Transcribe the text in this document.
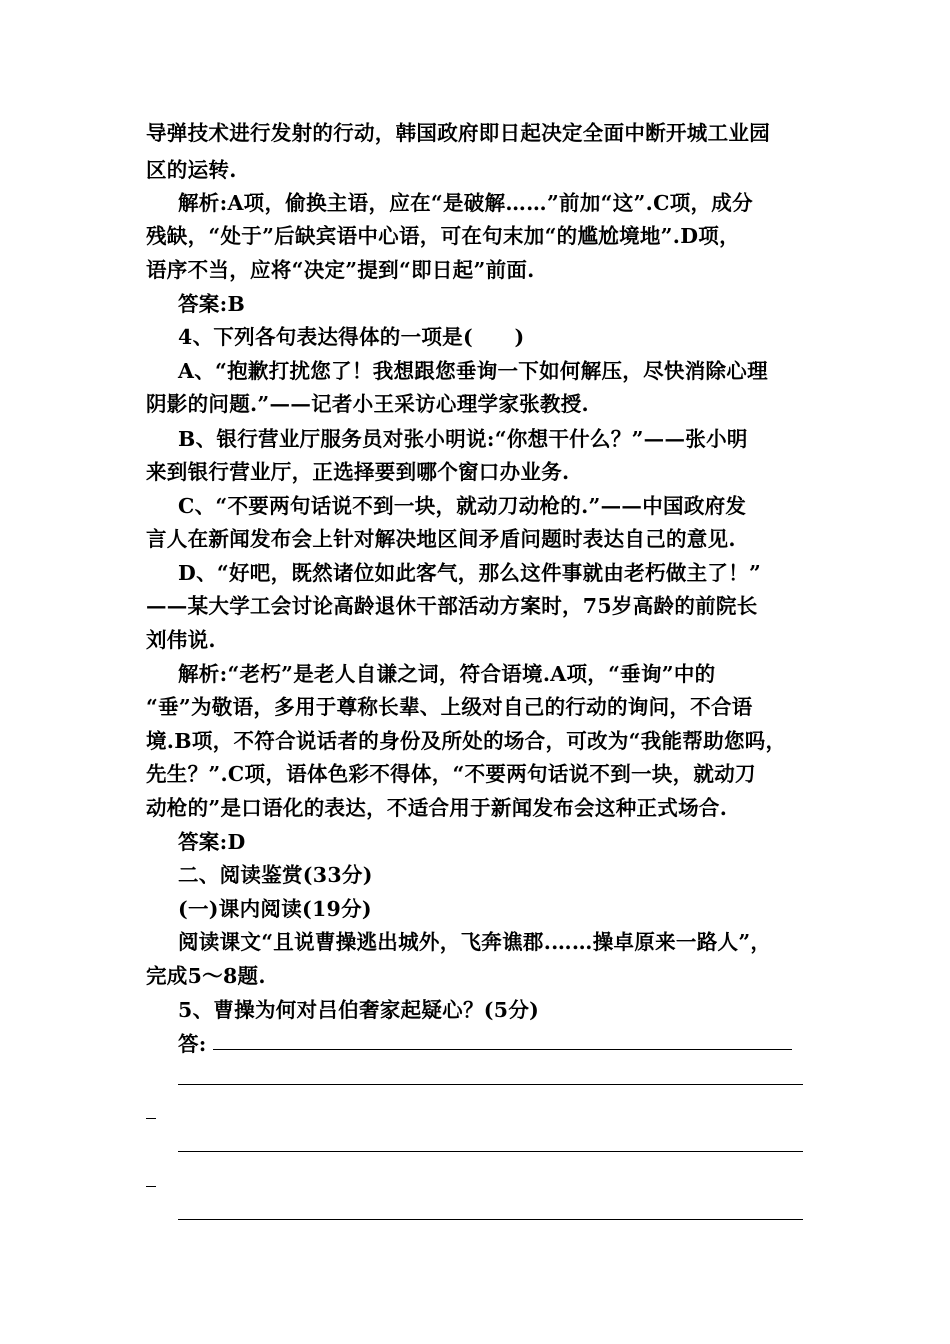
导弹技术进行发射的行动，韩国政府即日起决定全面中断开城工业园
区的运转.
解析:A项，偷换主语，应在“是破解……”前加“这”.C项，成分
残缺，“处于”后缺宾语中心语，可在句末加“的尴尬境地”.D项，
语序不当，应将“决定”提到“即日起”前面.
答案:B
4、下列各句表达得体的一项是(　　)
A、“抱歉打扰您了！我想跟您垂询一下如何解压，尽快消除心理
阴影的问题.”——记者小王采访心理学家张教授.
B、银行营业厅服务员对张小明说:“你想干什么？”——张小明
来到银行营业厅，正选择要到哪个窗口办业务.
C、“不要两句话说不到一块，就动刀动枪的.”——中国政府发
言人在新闻发布会上针对解决地区间矛盾问题时表达自己的意见.
D、“好吧，既然诸位如此客气，那么这件事就由老朽做主了！”
——某大学工会讨论高龄退休干部活动方案时，75岁高龄的前院长
刘伟说.
解析:“老朽”是老人自谦之词，符合语境.A项，“垂询”中的
“垂”为敬语，多用于尊称长辈、上级对自己的行动的询问，不合语
境.B项，不符合说话者的身份及所处的场合，可改为“我能帮助您吗，
先生？”.C项，语体色彩不得体，“不要两句话说不到一块，就动刀
动枪的”是口语化的表达，不适合用于新闻发布会这种正式场合.
答案:D
二、阅读鉴赏(33分)
(一)课内阅读(19分)
阅读课文“且说曹操逃出城外，飞奔谯郡.……操卓原来一路人”，
完成5～8题.
5、曹操为何对吕伯奢家起疑心？(5分)
答:
